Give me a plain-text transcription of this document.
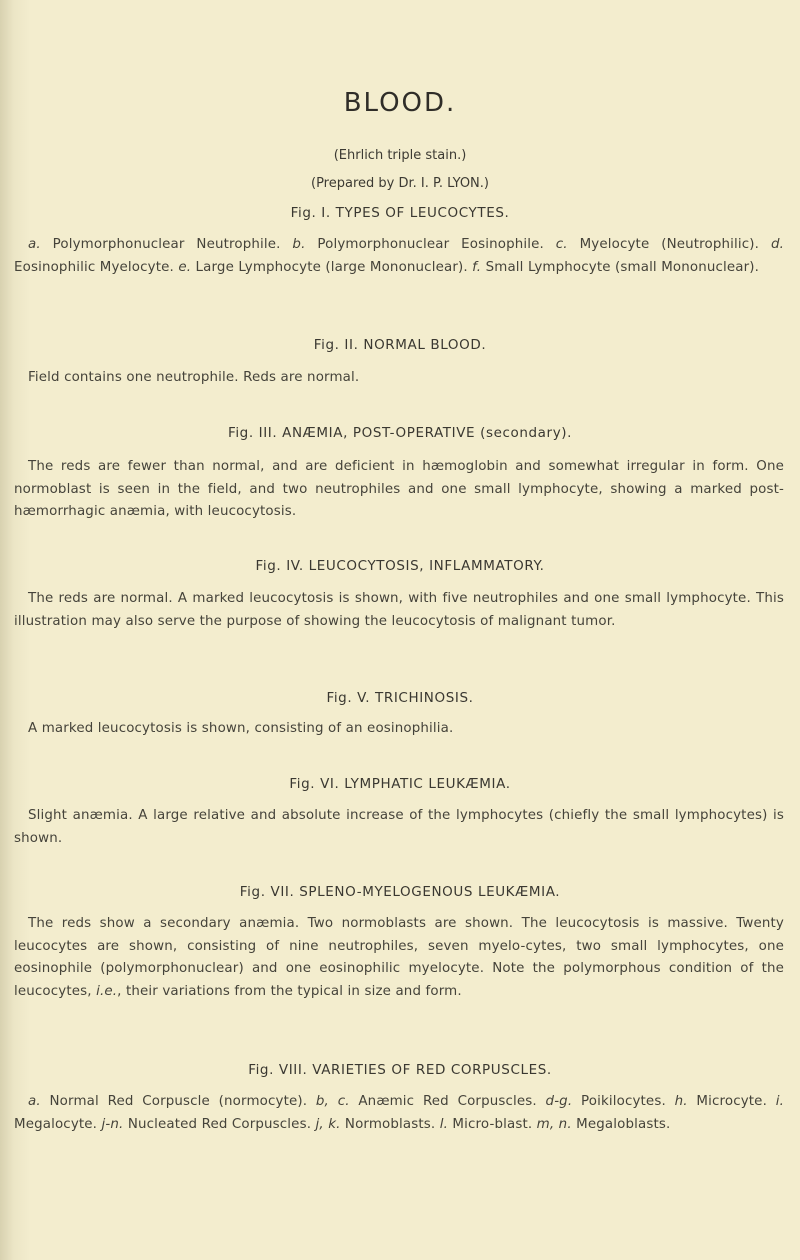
BLOOD.

(Ehrlich triple stain.)

(Prepared by Dr. I. P. LYON.)

Fig. I. TYPES OF LEUCOCYTES.

a. Polymorphonuclear Neutrophile. b. Polymorphonuclear Eosinophile. c. Myelocyte (Neutrophilic). d. Eosinophilic Myelocyte. e. Large Lymphocyte (large Mononuclear). f. Small Lymphocyte (small Mononuclear).

Fig. II. NORMAL BLOOD.

Field contains one neutrophile. Reds are normal.

Fig. III. ANÆMIA, POST-OPERATIVE (secondary).

The reds are fewer than normal, and are deficient in hæmoglobin and somewhat irregular in form. One normoblast is seen in the field, and two neutrophiles and one small lymphocyte, showing a marked post-hæmorrhagic anæmia, with leucocytosis.

Fig. IV. LEUCOCYTOSIS, INFLAMMATORY.

The reds are normal. A marked leucocytosis is shown, with five neutrophiles and one small lymphocyte. This illustration may also serve the purpose of showing the leucocytosis of malignant tumor.

Fig. V. TRICHINOSIS.

A marked leucocytosis is shown, consisting of an eosinophilia.

Fig. VI. LYMPHATIC LEUKÆMIA.

Slight anæmia. A large relative and absolute increase of the lymphocytes (chiefly the small lymphocytes) is shown.

Fig. VII. SPLENO-MYELOGENOUS LEUKÆMIA.

The reds show a secondary anæmia. Two normoblasts are shown. The leucocytosis is massive. Twenty leucocytes are shown, consisting of nine neutrophiles, seven myelo-cytes, two small lymphocytes, one eosinophile (polymorphonuclear) and one eosinophilic myelocyte. Note the polymorphous condition of the leucocytes, i.e., their variations from the typical in size and form.

Fig. VIII. VARIETIES OF RED CORPUSCLES.

a. Normal Red Corpuscle (normocyte). b, c. Anæmic Red Corpuscles. d-g. Poikilocytes. h. Microcyte. i. Megalocyte. j-n. Nucleated Red Corpuscles. j, k. Normoblasts. l. Micro-blast. m, n. Megaloblasts.
